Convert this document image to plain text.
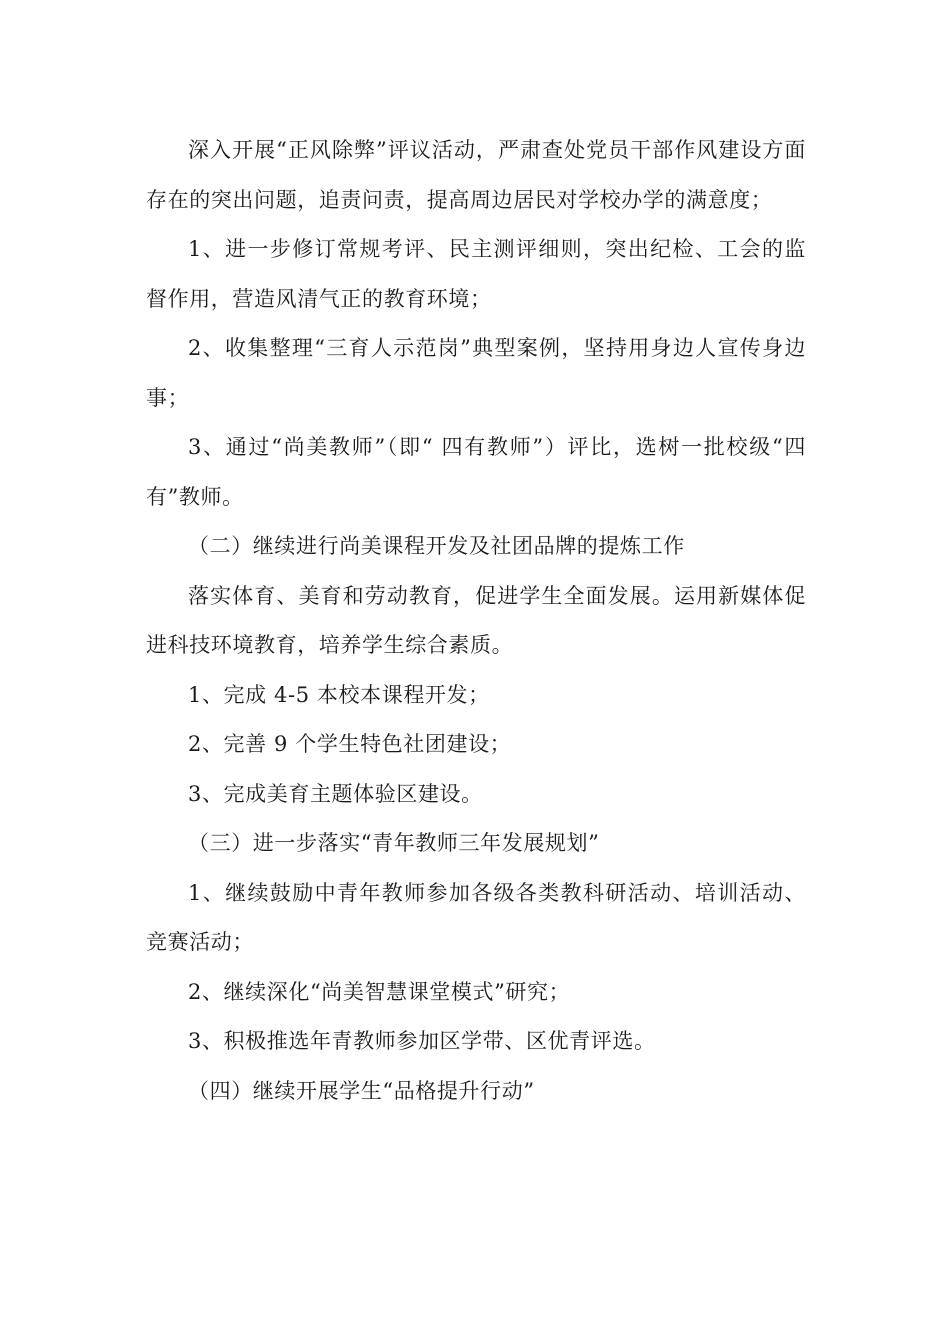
深入开展“正风除弊”评议活动，严肃查处党员干部作风建设方面存在的突出问题，追责问责，提高周边居民对学校办学的满意度；

1、进一步修订常规考评、民主测评细则，突出纪检、工会的监督作用，营造风清气正的教育环境；

2、收集整理“三育人示范岗”典型案例，坚持用身边人宣传身边事；

3、通过“尚美教师”（即“ 四有教师”）评比，选树一批校级“四有”教师。

（二）继续进行尚美课程开发及社团品牌的提炼工作

落实体育、美育和劳动教育，促进学生全面发展。运用新媒体促进科技环境教育，培养学生综合素质。

1、完成 4-5 本校本课程开发；

2、完善 9 个学生特色社团建设；

3、完成美育主题体验区建设。

（三）进一步落实“青年教师三年发展规划”

1、继续鼓励中青年教师参加各级各类教科研活动、培训活动、竞赛活动；

2、继续深化“尚美智慧课堂模式”研究；

3、积极推选年青教师参加区学带、区优青评选。

（四）继续开展学生“品格提升行动”
